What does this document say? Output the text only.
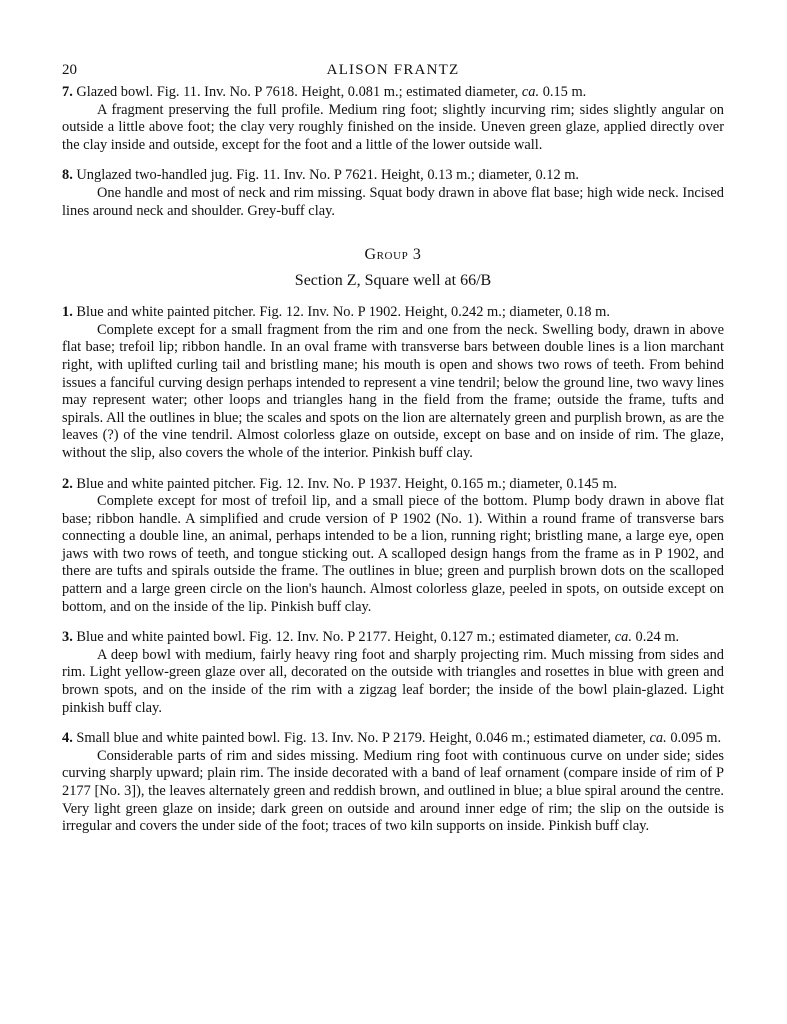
20	ALISON FRANTZ

7. Glazed bowl. Fig. 11. Inv. No. P 7618. Height, 0.081 m.; estimated diameter, ca. 0.15 m.

A fragment preserving the full profile. Medium ring foot; slightly incurving rim; sides slightly angular on outside a little above foot; the clay very roughly finished on the inside. Uneven green glaze, applied directly over the clay inside and outside, except for the foot and a little of the lower outside wall.

8. Unglazed two-handled jug. Fig. 11. Inv. No. P 7621. Height, 0.13 m.; diameter, 0.12 m.

One handle and most of neck and rim missing. Squat body drawn in above flat base; high wide neck. Incised lines around neck and shoulder. Grey-buff clay.

Group 3
Section Z, Square well at 66/B

1. Blue and white painted pitcher. Fig. 12. Inv. No. P 1902. Height, 0.242 m.; diameter, 0.18 m.

Complete except for a small fragment from the rim and one from the neck. Swelling body, drawn in above flat base; trefoil lip; ribbon handle. In an oval frame with transverse bars between double lines is a lion marchant right, with uplifted curling tail and bristling mane; his mouth is open and shows two rows of teeth. From behind issues a fanciful curving design perhaps intended to represent a vine tendril; below the ground line, two wavy lines may represent water; other loops and triangles hang in the field from the frame; outside the frame, tufts and spirals. All the outlines in blue; the scales and spots on the lion are alternately green and purplish brown, as are the leaves (?) of the vine tendril. Almost colorless glaze on outside, except on base and on inside of rim. The glaze, without the slip, also covers the whole of the interior. Pinkish buff clay.

2. Blue and white painted pitcher. Fig. 12. Inv. No. P 1937. Height, 0.165 m.; diameter, 0.145 m.

Complete except for most of trefoil lip, and a small piece of the bottom. Plump body drawn in above flat base; ribbon handle. A simplified and crude version of P 1902 (No. 1). Within a round frame of transverse bars connecting a double line, an animal, perhaps intended to be a lion, running right; bristling mane, a large eye, open jaws with two rows of teeth, and tongue sticking out. A scalloped design hangs from the frame as in P 1902, and there are tufts and spirals outside the frame. The outlines in blue; green and purplish brown dots on the scalloped pattern and a large green circle on the lion's haunch. Almost colorless glaze, peeled in spots, on outside except on bottom, and on the inside of the lip. Pinkish buff clay.

3. Blue and white painted bowl. Fig. 12. Inv. No. P 2177. Height, 0.127 m.; estimated diameter, ca. 0.24 m.

A deep bowl with medium, fairly heavy ring foot and sharply projecting rim. Much missing from sides and rim. Light yellow-green glaze over all, decorated on the outside with triangles and rosettes in blue with green and brown spots, and on the inside of the rim with a zigzag leaf border; the inside of the bowl plain-glazed. Light pinkish buff clay.

4. Small blue and white painted bowl. Fig. 13. Inv. No. P 2179. Height, 0.046 m.; estimated diameter, ca. 0.095 m.

Considerable parts of rim and sides missing. Medium ring foot with continuous curve on under side; sides curving sharply upward; plain rim. The inside decorated with a band of leaf ornament (compare inside of rim of P 2177 [No. 3]), the leaves alternately green and reddish brown, and outlined in blue; a blue spiral around the centre. Very light green glaze on inside; dark green on outside and around inner edge of rim; the slip on the outside is irregular and covers the under side of the foot; traces of two kiln supports on inside. Pinkish buff clay.
